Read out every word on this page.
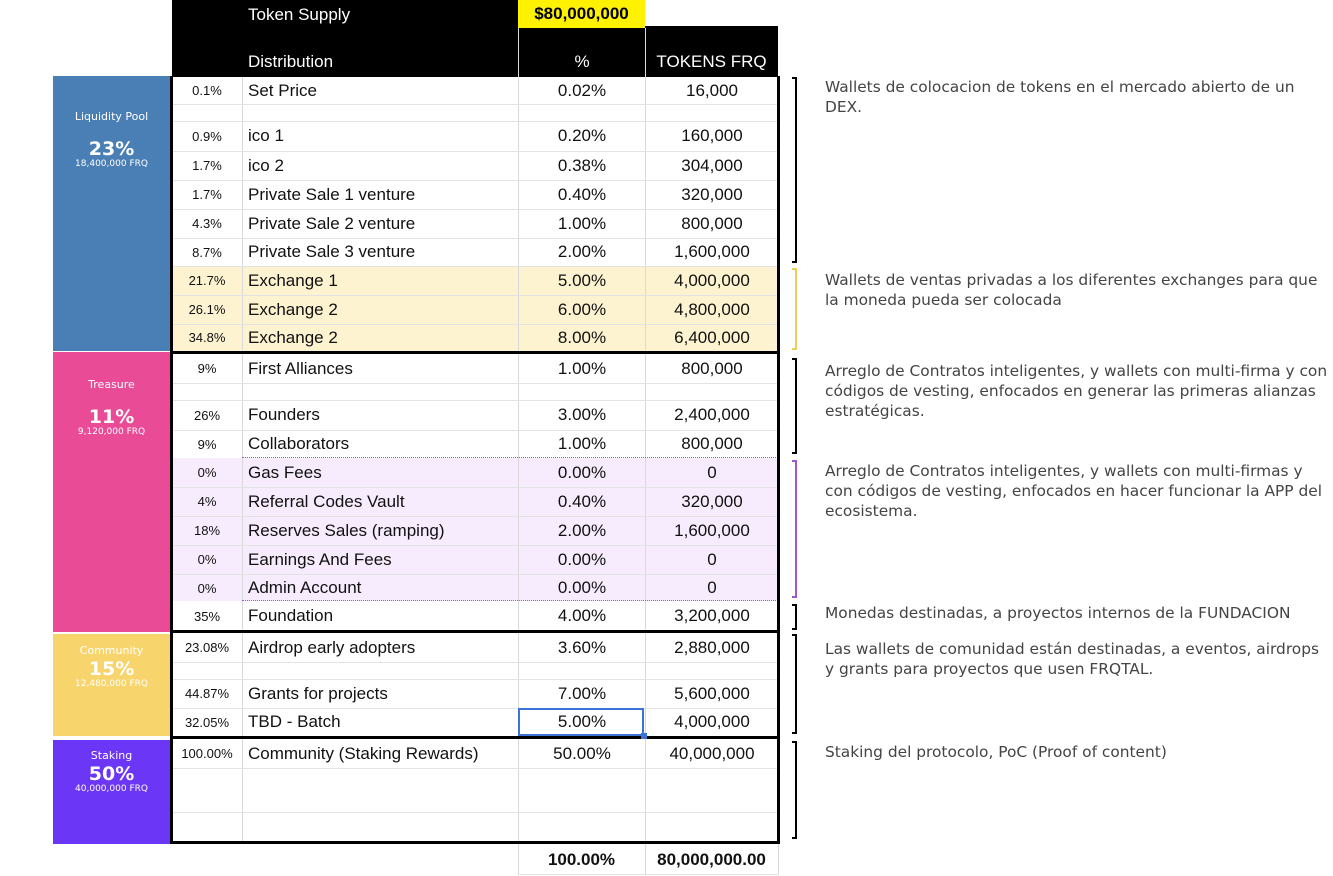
Token Supply	$80,000,000
Distribution	%	TOKENS FRQ
Liquidity Pool
23%
18,400,000 FRQ
Treasure
11%
9,120,000 FRQ
Community
15%
12,480,000 FRQ
Staking
50%
40,000,000 FRQ
0.1%	Set Price	0.02%	16,000
0.9%	ico 1	0.20%	160,000
1.7%	ico 2	0.38%	304,000
1.7%	Private Sale 1 venture	0.40%	320,000
4.3%	Private Sale 2 venture	1.00%	800,000
8.7%	Private Sale 3 venture	2.00%	1,600,000
21.7%	Exchange 1	5.00%	4,000,000
26.1%	Exchange 2	6.00%	4,800,000
34.8%	Exchange 2	8.00%	6,400,000
9%	First Alliances	1.00%	800,000
26%	Founders	3.00%	2,400,000
9%	Collaborators	1.00%	800,000
0%	Gas Fees	0.00%	0
4%	Referral Codes Vault	0.40%	320,000
18%	Reserves Sales (ramping)	2.00%	1,600,000
0%	Earnings And Fees	0.00%	0
0%	Admin Account	0.00%	0
35%	Foundation	4.00%	3,200,000
23.08%	Airdrop early adopters	3.60%	2,880,000
44.87%	Grants for projects	7.00%	5,600,000
32.05%	TBD - Batch	5.00%	4,000,000
100.00% Community (Staking Rewards)	50.00%	40,000,000
100.00%	80,000,000.00
Wallets de colocacion de tokens en el mercado abierto de un DEX.
Wallets de ventas privadas a los diferentes exchanges para que la moneda pueda ser colocada
Arreglo de Contratos inteligentes, y wallets con multi-firma y con códigos de vesting, enfocados en generar las primeras alianzas estratégicas.
Arreglo de Contratos inteligentes, y wallets con multi-firmas y con códigos de vesting, enfocados en hacer funcionar la APP del ecosistema.
Monedas destinadas, a proyectos internos de la FUNDACION
Las wallets de comunidad están destinadas, a eventos, airdrops y grants para proyectos que usen FRQTAL.
Staking del protocolo, PoC (Proof of content)
